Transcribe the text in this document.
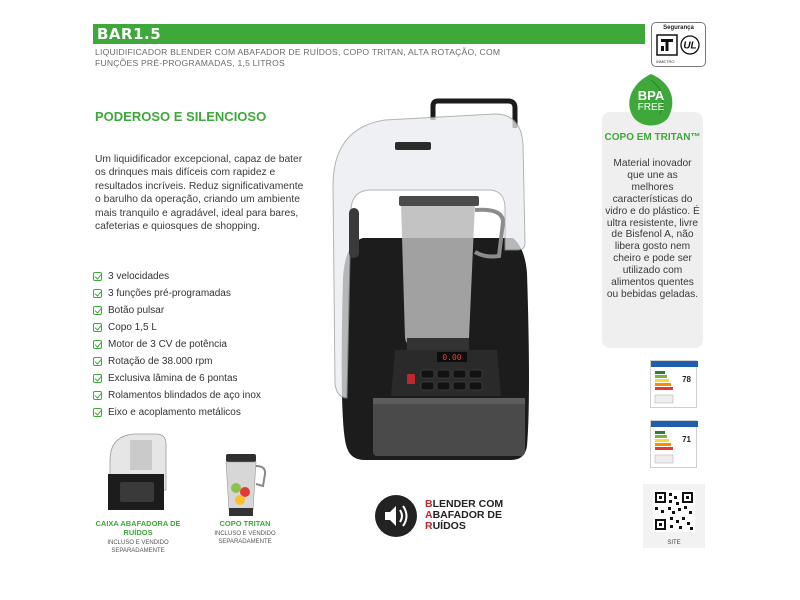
BAR1.5
LIQUIDIFICADOR BLENDER COM ABAFADOR DE RUÍDOS, COPO TRITAN, ALTA ROTAÇÃO, COM FUNÇÕES PRÉ-PROGRAMADAS, 1,5 LITROS
Segurança
UL
INMETRO
BPA
FREE
COPO EM TRITAN™
Material inovador que une as melhores características do vidro e do plástico. É ultra resistente, livre de Bisfenol A, não libera gosto nem cheiro e pode ser utilizado com alimentos quentes ou bebidas geladas.
PODEROSO E SILENCIOSO
Um liquidificador excepcional, capaz de bater os drinques mais difíceis com rapidez e resultados incríveis. Reduz significativamente o barulho da operação, criando um ambiente mais tranquilo e agradável, ideal para bares, cafeterias e quiosques de shopping.
3 velocidades
3 funções pré-programadas
Botão pulsar
Copo 1,5 L
Motor de 3 CV de potência
Rotação de 38.000 rpm
Exclusiva lâmina de 6 pontas
Rolamentos blindados de aço inox
Eixo e acoplamento metálicos
0.00
CAIXA ABAFADORA DE RUÍDOS
INCLUSO E VENDIDO SEPARADAMENTE
COPO TRITAN
INCLUSO E VENDIDO SEPARADAMENTE
BLENDER COM
ABAFADOR DE
RUÍDOS
78
71
SITE
